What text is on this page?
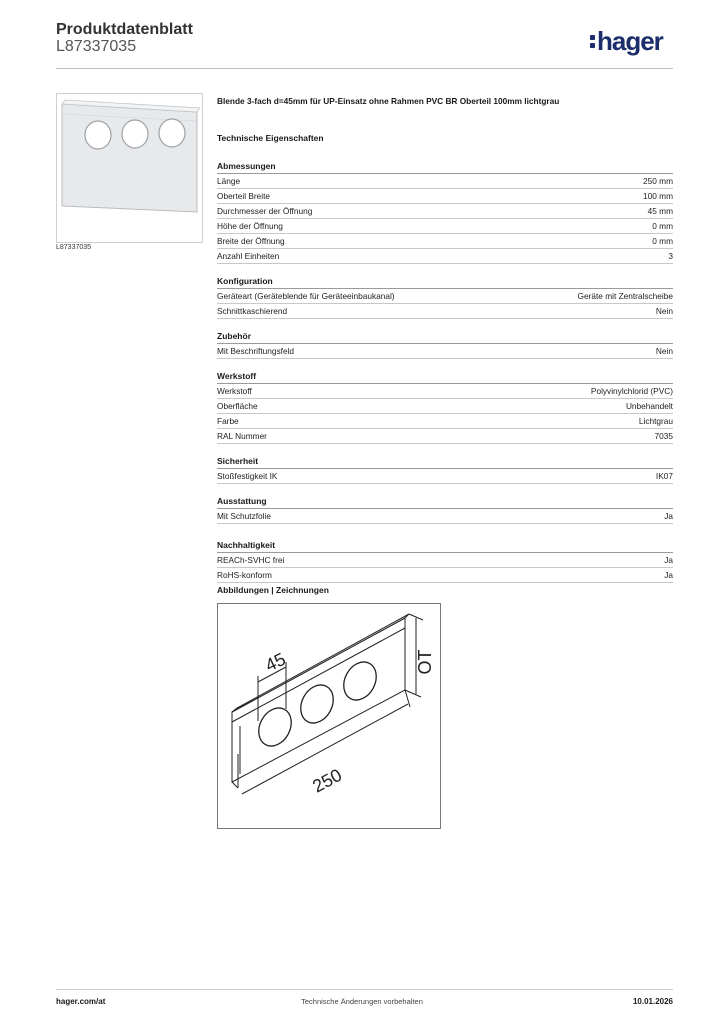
Produktdatenblatt
L87337035	hager
L87337035
Blende 3-fach d=45mm für UP-Einsatz ohne Rahmen PVC BR Oberteil 100mm lichtgrau
Technische Eigenschaften
Abmessungen
Länge	250 mm
Oberteil Breite	100 mm
Durchmesser der Öffnung	45 mm
Höhe der Öffnung	0 mm
Breite der Öffnung	0 mm
Anzahl Einheiten	3
Konfiguration
Geräteart (Geräteblende für Geräteeinbaukanal)	Geräte mit Zentralscheibe
Schnittkaschierend	Nein
Zubehör
Mit Beschriftungsfeld	Nein
Werkstoff
Werkstoff	Polyvinylchlorid (PVC)
Oberfläche	Unbehandelt
Farbe	Lichtgrau
RAL Nummer	7035
Sicherheit
Stoßfestigkeit IK	IK07
Ausstattung
Mit Schutzfolie	Ja
Nachhaltigkeit
REACh-SVHC frei	Ja
RoHS-konform	Ja
Abbildungen | Zeichnungen
45	OT
250
hager.com/at	Technische Änderungen vorbehalten	10.01.2026
